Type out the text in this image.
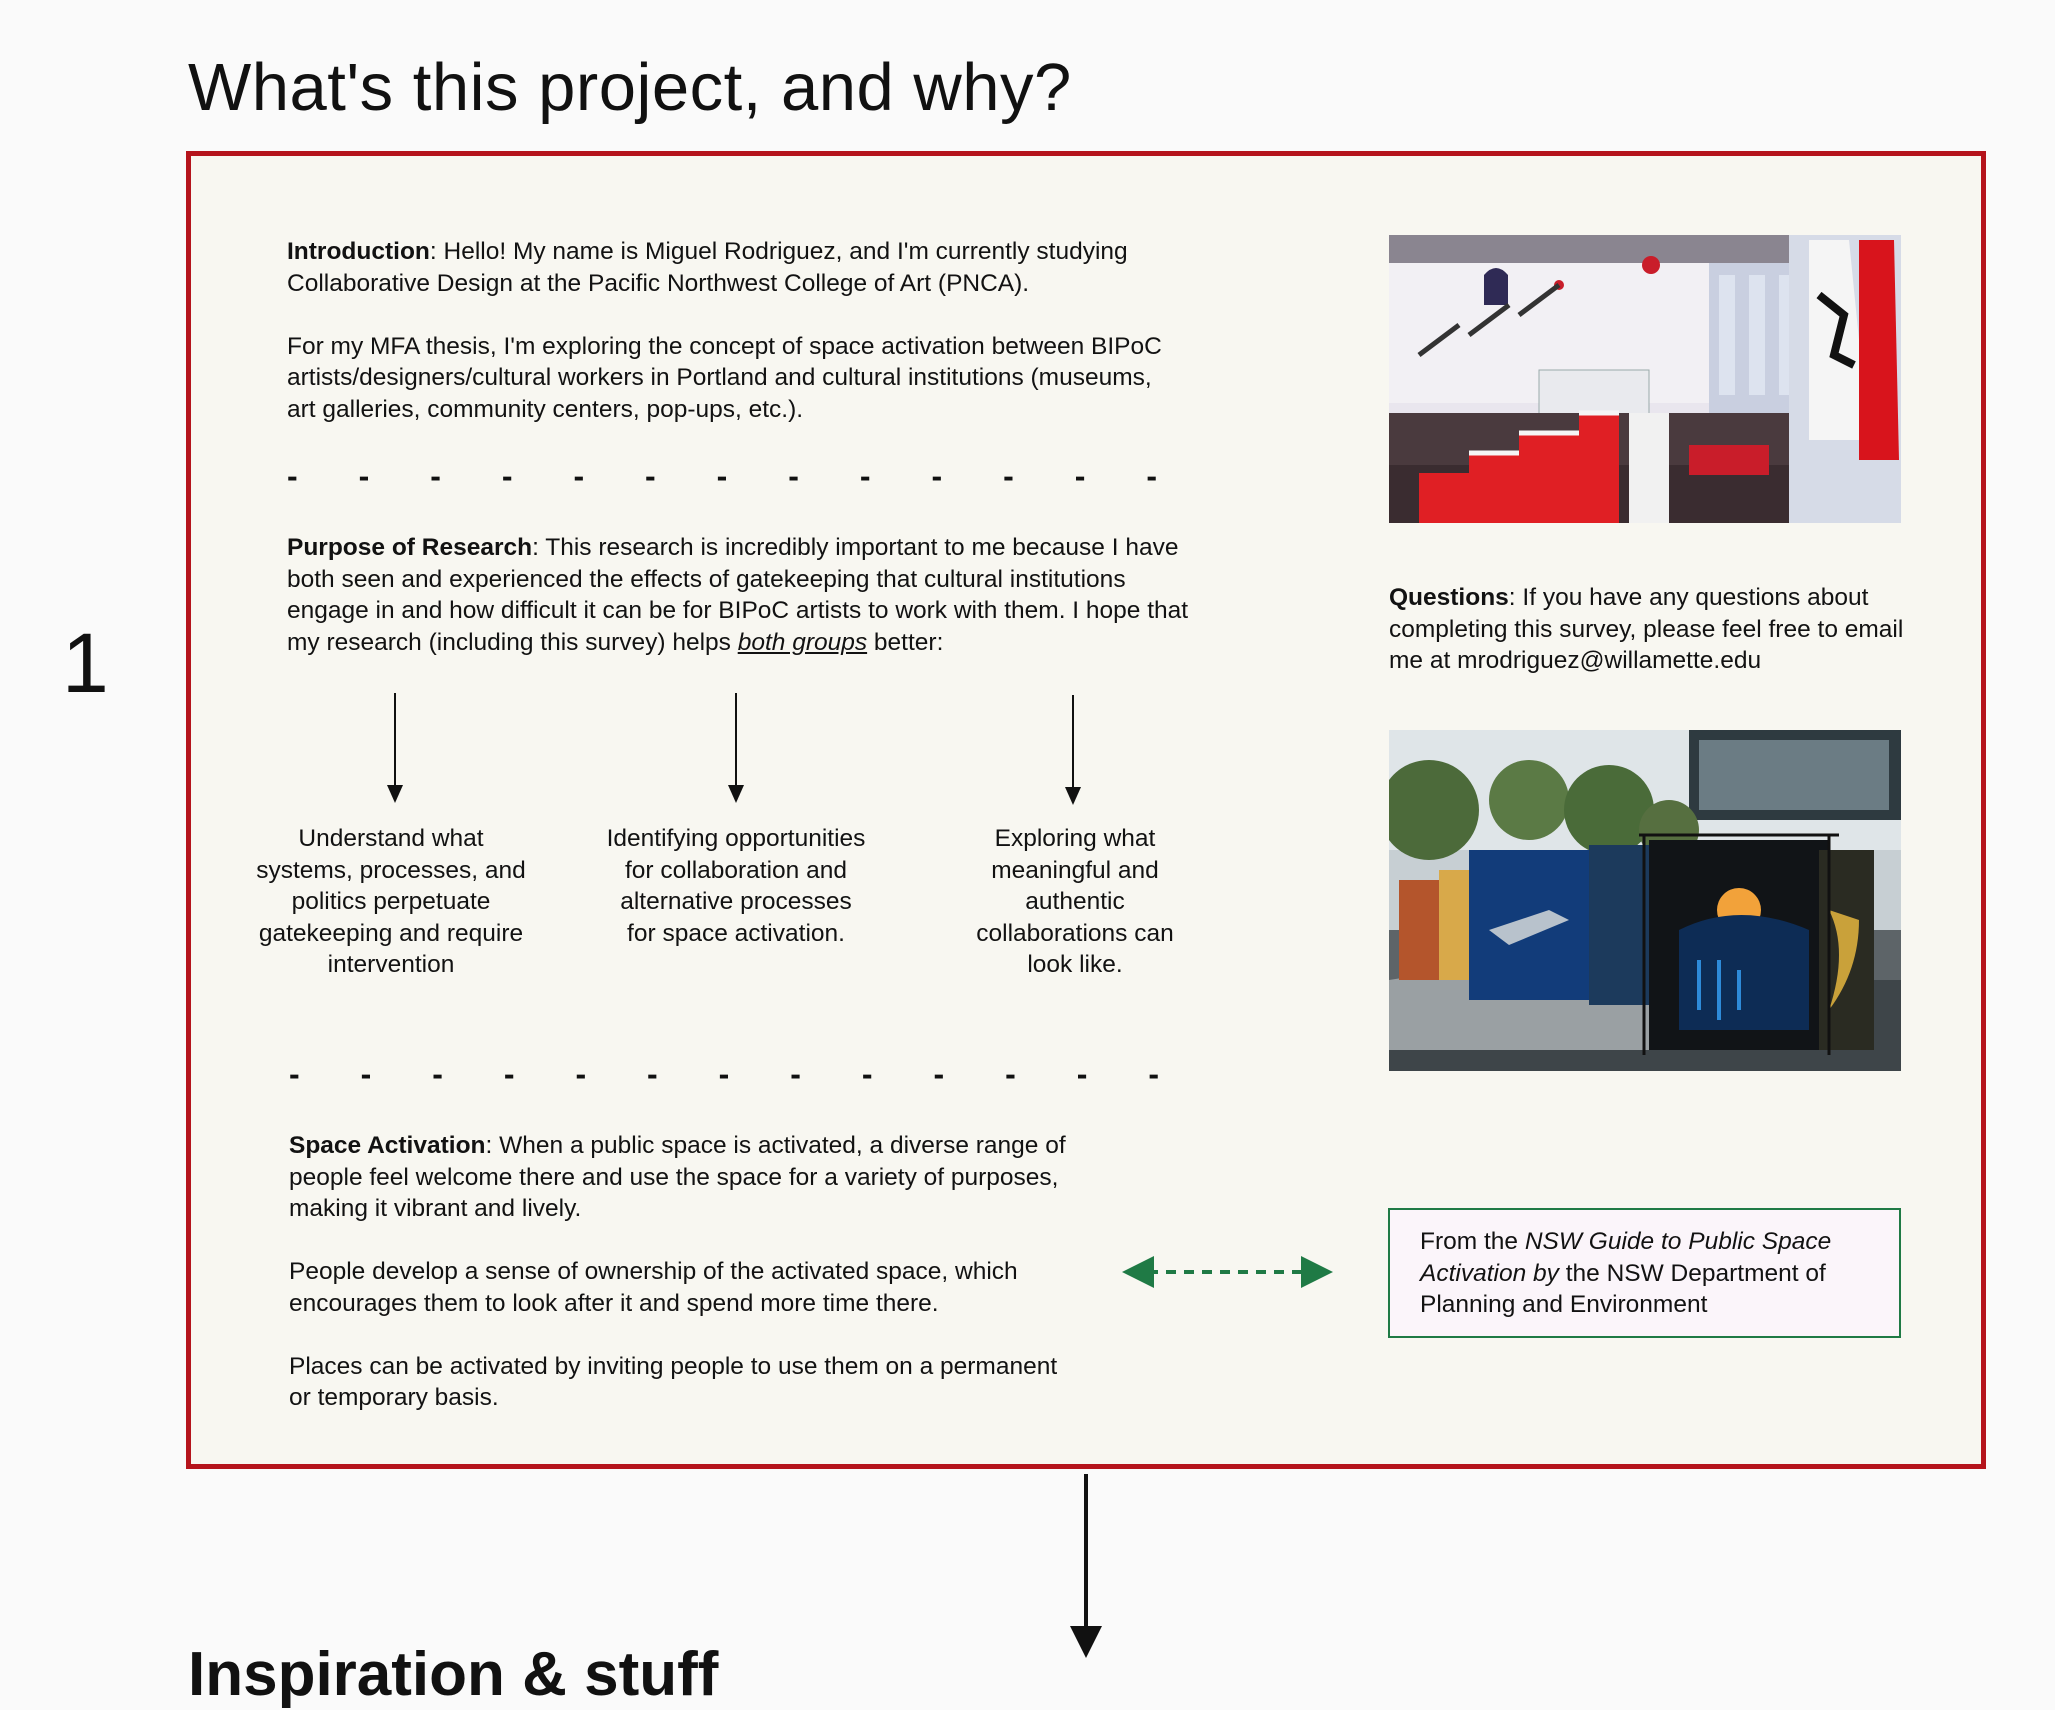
What's this project, and why?
1

Introduction: Hello! My name is Miguel Rodriguez, and I'm currently studying Collaborative Design at the Pacific Northwest College of Art (PNCA).

For my MFA thesis, I'm exploring the concept of space activation between BIPoC artists/designers/cultural workers in Portland and cultural institutions (museums, art galleries, community centers, pop-ups, etc.).

- - - - - - - - - - - - -

Purpose of Research: This research is incredibly important to me because I have both seen and experienced the effects of gatekeeping that cultural institutions engage in and how difficult it can be for BIPoC artists to work with them. I hope that my research (including this survey) helps both groups better:

Understand what systems, processes, and politics perpetuate gatekeeping and require intervention
Identifying opportunities for collaboration and alternative processes for space activation.
Exploring what meaningful and authentic collaborations can look like.
- - - - - - - - - - - - -

Space Activation: When a public space is activated, a diverse range of people feel welcome there and use the space for a variety of purposes, making it vibrant and lively.

People develop a sense of ownership of the activated space, which encourages them to look after it and spend more time there.

Places can be activated by inviting people to use them on a permanent or temporary basis.

Questions: If you have any questions about completing this survey, please feel free to email me at mrodriguez@willamette.edu

From the NSW Guide to Public Space Activation by the NSW Department of Planning and Environment
Inspiration & stuff
